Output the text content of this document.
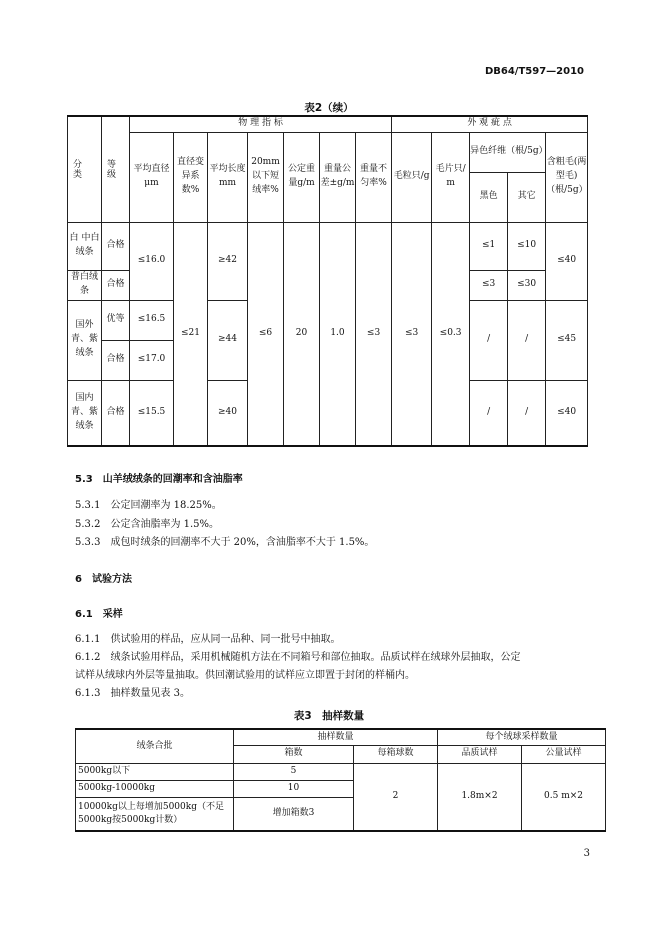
DB64/T597—2010
表2（续）
分类	等级	物 理 指 标							外 观 疵 点				
		平均直径μm	直径变异系数%	平均长度mm	20mm以下短绒率%	公定重量g/m	重量公差±g/m	重量不匀率%	毛粒只/g	毛片只/ m	异色纤维（根/5g）		含粗毛(两型毛)（根/5g）
											黑色	其它	
白 中白绒条	合格	≤16.0	≤21	≥42	≤6	20	1.0	≤3	≤3	≤0.3	≤1	≤10	≤40
普白绒条	合格										≤3	≤30	
国外青、紫绒条	优等	≤16.5		≥44							/	/	≤45
	合格	≤17.0											
国内青、紫绒条	合格	≤15.5		≥40							/	/	≤40
5.3　山羊绒绒条的回潮率和含油脂率
5.3.1　公定回潮率为 18.25%。
5.3.2　公定含油脂率为 1.5%。
5.3.3　成包时绒条的回潮率不大于 20%，含油脂率不大于 1.5%。
6　试验方法
6.1　采样
6.1.1　供试验用的样品，应从同一品种、同一批号中抽取。
6.1.2　绒条试验用样品，采用机械随机方法在不同箱号和部位抽取。品质试样在绒球外层抽取，公定
试样从绒球内外层等量抽取。供回潮试验用的试样应立即置于封闭的样桶内。
6.1.3　抽样数量见表 3。
表3　抽样数量
绒条合批	抽样数量		每个绒球采样数量	
	箱数	每箱球数	品质试样	公量试样
5000kg以下	5	2	1.8m×2	0.5 m×2
5000kg-10000kg	10			
10000kg以上每增加5000kg（不足5000kg按5000kg计数）	增加箱数3			
3
